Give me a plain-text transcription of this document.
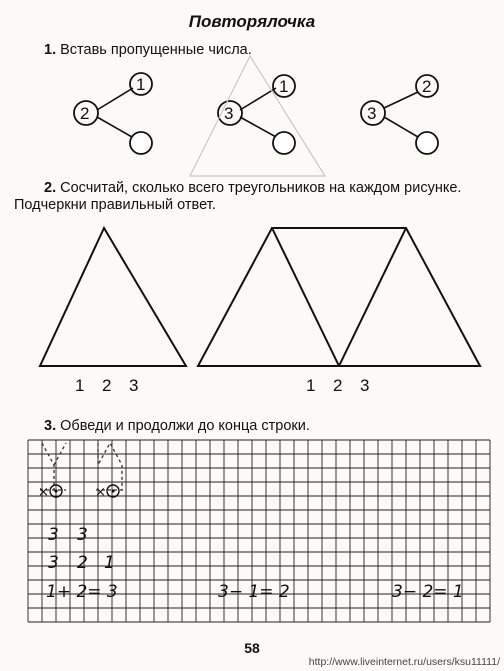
Повторялочка
1. Вставь пропущенные числа.
×	×
2
1
3
1
3
2
2. Сосчитай, сколько всего треугольников на каждом рисунке.
Подчеркни правильный ответ.
1 2 3	1 2 3
3. Обведи и продолжи до конца строки.
3 3
3 2 1
1+ 2= 3	3− 1= 2	3− 2= 1
58
http://www.liveinternet.ru/users/ksu11111/
